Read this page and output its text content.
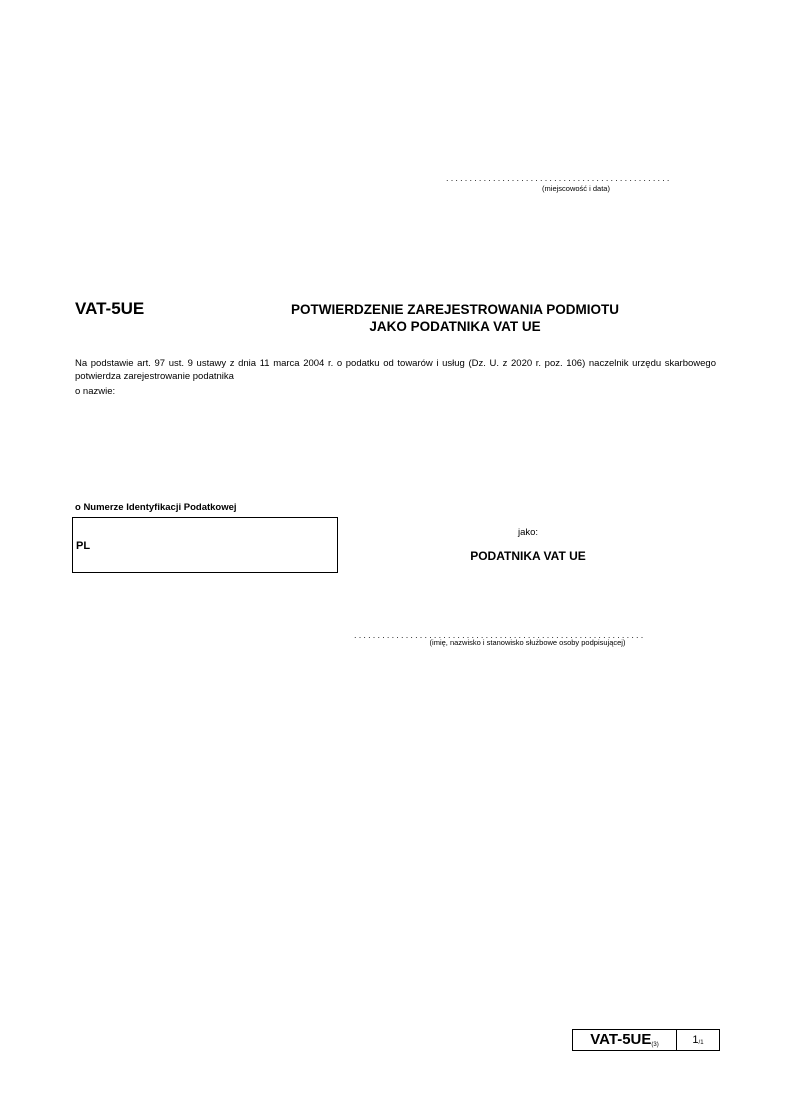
................................................
(miejscowość i data)
VAT-5UE	POTWIERDZENIE ZAREJESTROWANIA PODMIOTU
JAKO PODATNIKA VAT UE
Na podstawie art. 97 ust. 9 ustawy z dnia 11 marca 2004 r. o podatku od towarów i usług (Dz. U. z 2020 r. poz. 106) naczelnik urzędu skarbowego potwierdza zarejestrowanie podatnika
o nazwie:
o Numerze Identyfikacji Podatkowej
PL
jako:
PODATNIKA VAT UE
..............................................................
(imię, nazwisko i stanowisko służbowe osoby podpisującej)
VAT-5UE (3)	1 /1
